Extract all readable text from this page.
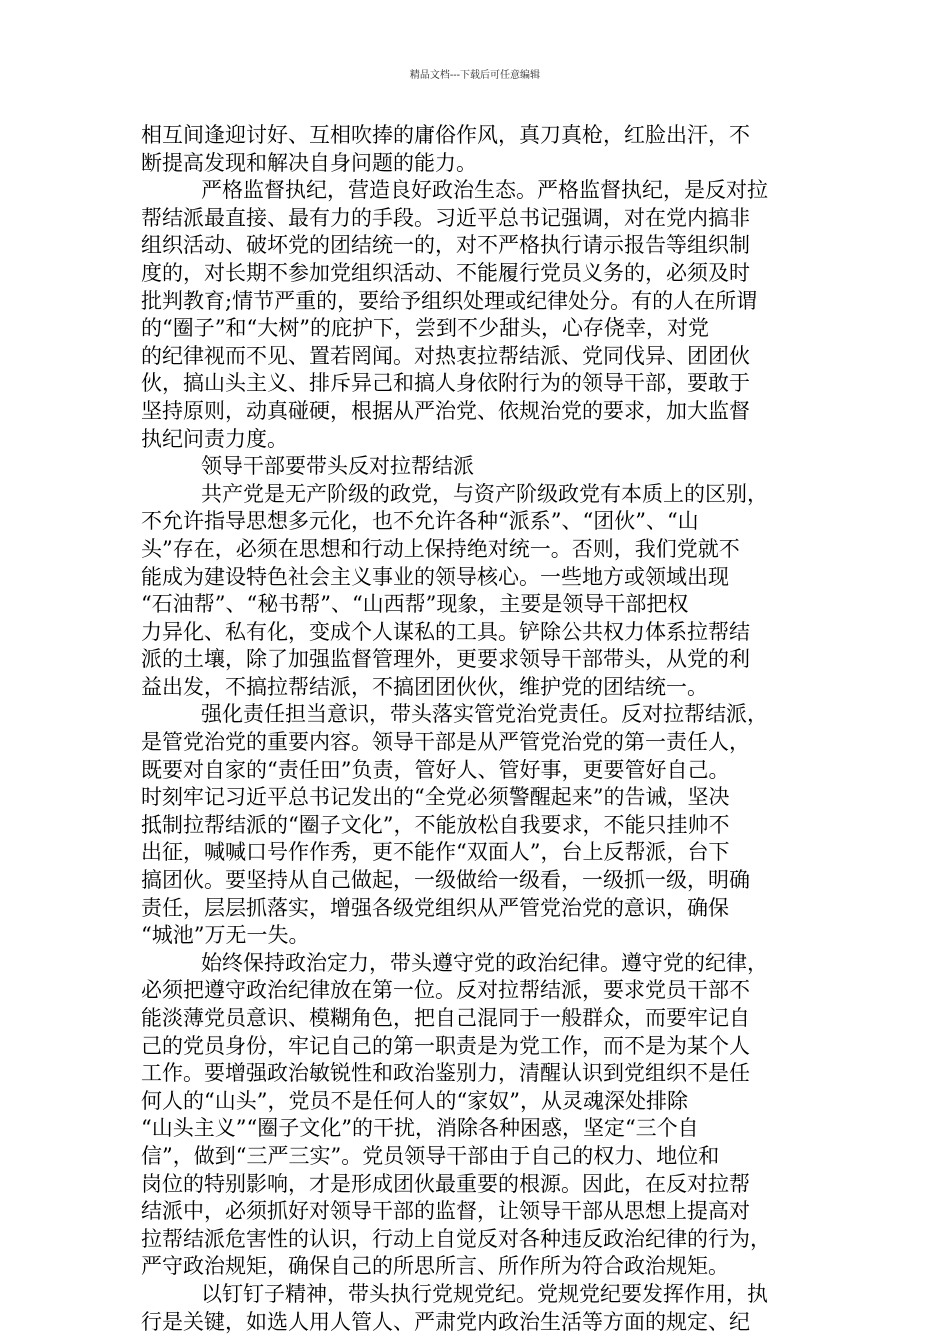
精品文档---下载后可任意编辑
相互间逢迎讨好、互相吹捧的庸俗作风，真刀真枪，红脸出汗，不
断提高发现和解决自身问题的能力。
严格监督执纪，营造良好政治生态。严格监督执纪，是反对拉
帮结派最直接、最有力的手段。习近平总书记强调，对在党内搞非
组织活动、破坏党的团结统一的，对不严格执行请示报告等组织制
度的，对长期不参加党组织活动、不能履行党员义务的，必须及时
批判教育;情节严重的，要给予组织处理或纪律处分。有的人在所谓
的“圈子”和“大树”的庇护下，尝到不少甜头，心存侥幸，对党
的纪律视而不见、置若罔闻。对热衷拉帮结派、党同伐异、团团伙
伙，搞山头主义、排斥异己和搞人身依附行为的领导干部，要敢于
坚持原则，动真碰硬，根据从严治党、依规治党的要求，加大监督
执纪问责力度。
领导干部要带头反对拉帮结派
共产党是无产阶级的政党，与资产阶级政党有本质上的区别，
不允许指导思想多元化，也不允许各种“派系”、“团伙”、“山
头”存在，必须在思想和行动上保持绝对统一。否则，我们党就不
能成为建设特色社会主义事业的领导核心。一些地方或领域出现
“石油帮”、“秘书帮”、“山西帮”现象，主要是领导干部把权
力异化、私有化，变成个人谋私的工具。铲除公共权力体系拉帮结
派的土壤，除了加强监督管理外，更要求领导干部带头，从党的利
益出发，不搞拉帮结派，不搞团团伙伙，维护党的团结统一。
强化责任担当意识，带头落实管党治党责任。反对拉帮结派，
是管党治党的重要内容。领导干部是从严管党治党的第一责任人，
既要对自家的“责任田”负责，管好人、管好事，更要管好自己。
时刻牢记习近平总书记发出的“全党必须警醒起来”的告诫，坚决
抵制拉帮结派的“圈子文化”，不能放松自我要求，不能只挂帅不
出征，喊喊口号作作秀，更不能作“双面人”，台上反帮派，台下
搞团伙。要坚持从自己做起，一级做给一级看，一级抓一级，明确
责任，层层抓落实，增强各级党组织从严管党治党的意识，确保
“城池”万无一失。
始终保持政治定力，带头遵守党的政治纪律。遵守党的纪律，
必须把遵守政治纪律放在第一位。反对拉帮结派，要求党员干部不
能淡薄党员意识、模糊角色，把自己混同于一般群众，而要牢记自
己的党员身份，牢记自己的第一职责是为党工作，而不是为某个人
工作。要增强政治敏锐性和政治鉴别力，清醒认识到党组织不是任
何人的“山头”，党员不是任何人的“家奴”，从灵魂深处排除
“山头主义”“圈子文化”的干扰，消除各种困惑，坚定“三个自
信”，做到“三严三实”。党员领导干部由于自己的权力、地位和
岗位的特别影响，才是形成团伙最重要的根源。因此，在反对拉帮
结派中，必须抓好对领导干部的监督，让领导干部从思想上提高对
拉帮结派危害性的认识，行动上自觉反对各种违反政治纪律的行为，
严守政治规矩，确保自己的所思所言、所作所为符合政治规矩。
以钉钉子精神，带头执行党规党纪。党规党纪要发挥作用，执
行是关键，如选人用人管人、严肃党内政治生活等方面的规定、纪
